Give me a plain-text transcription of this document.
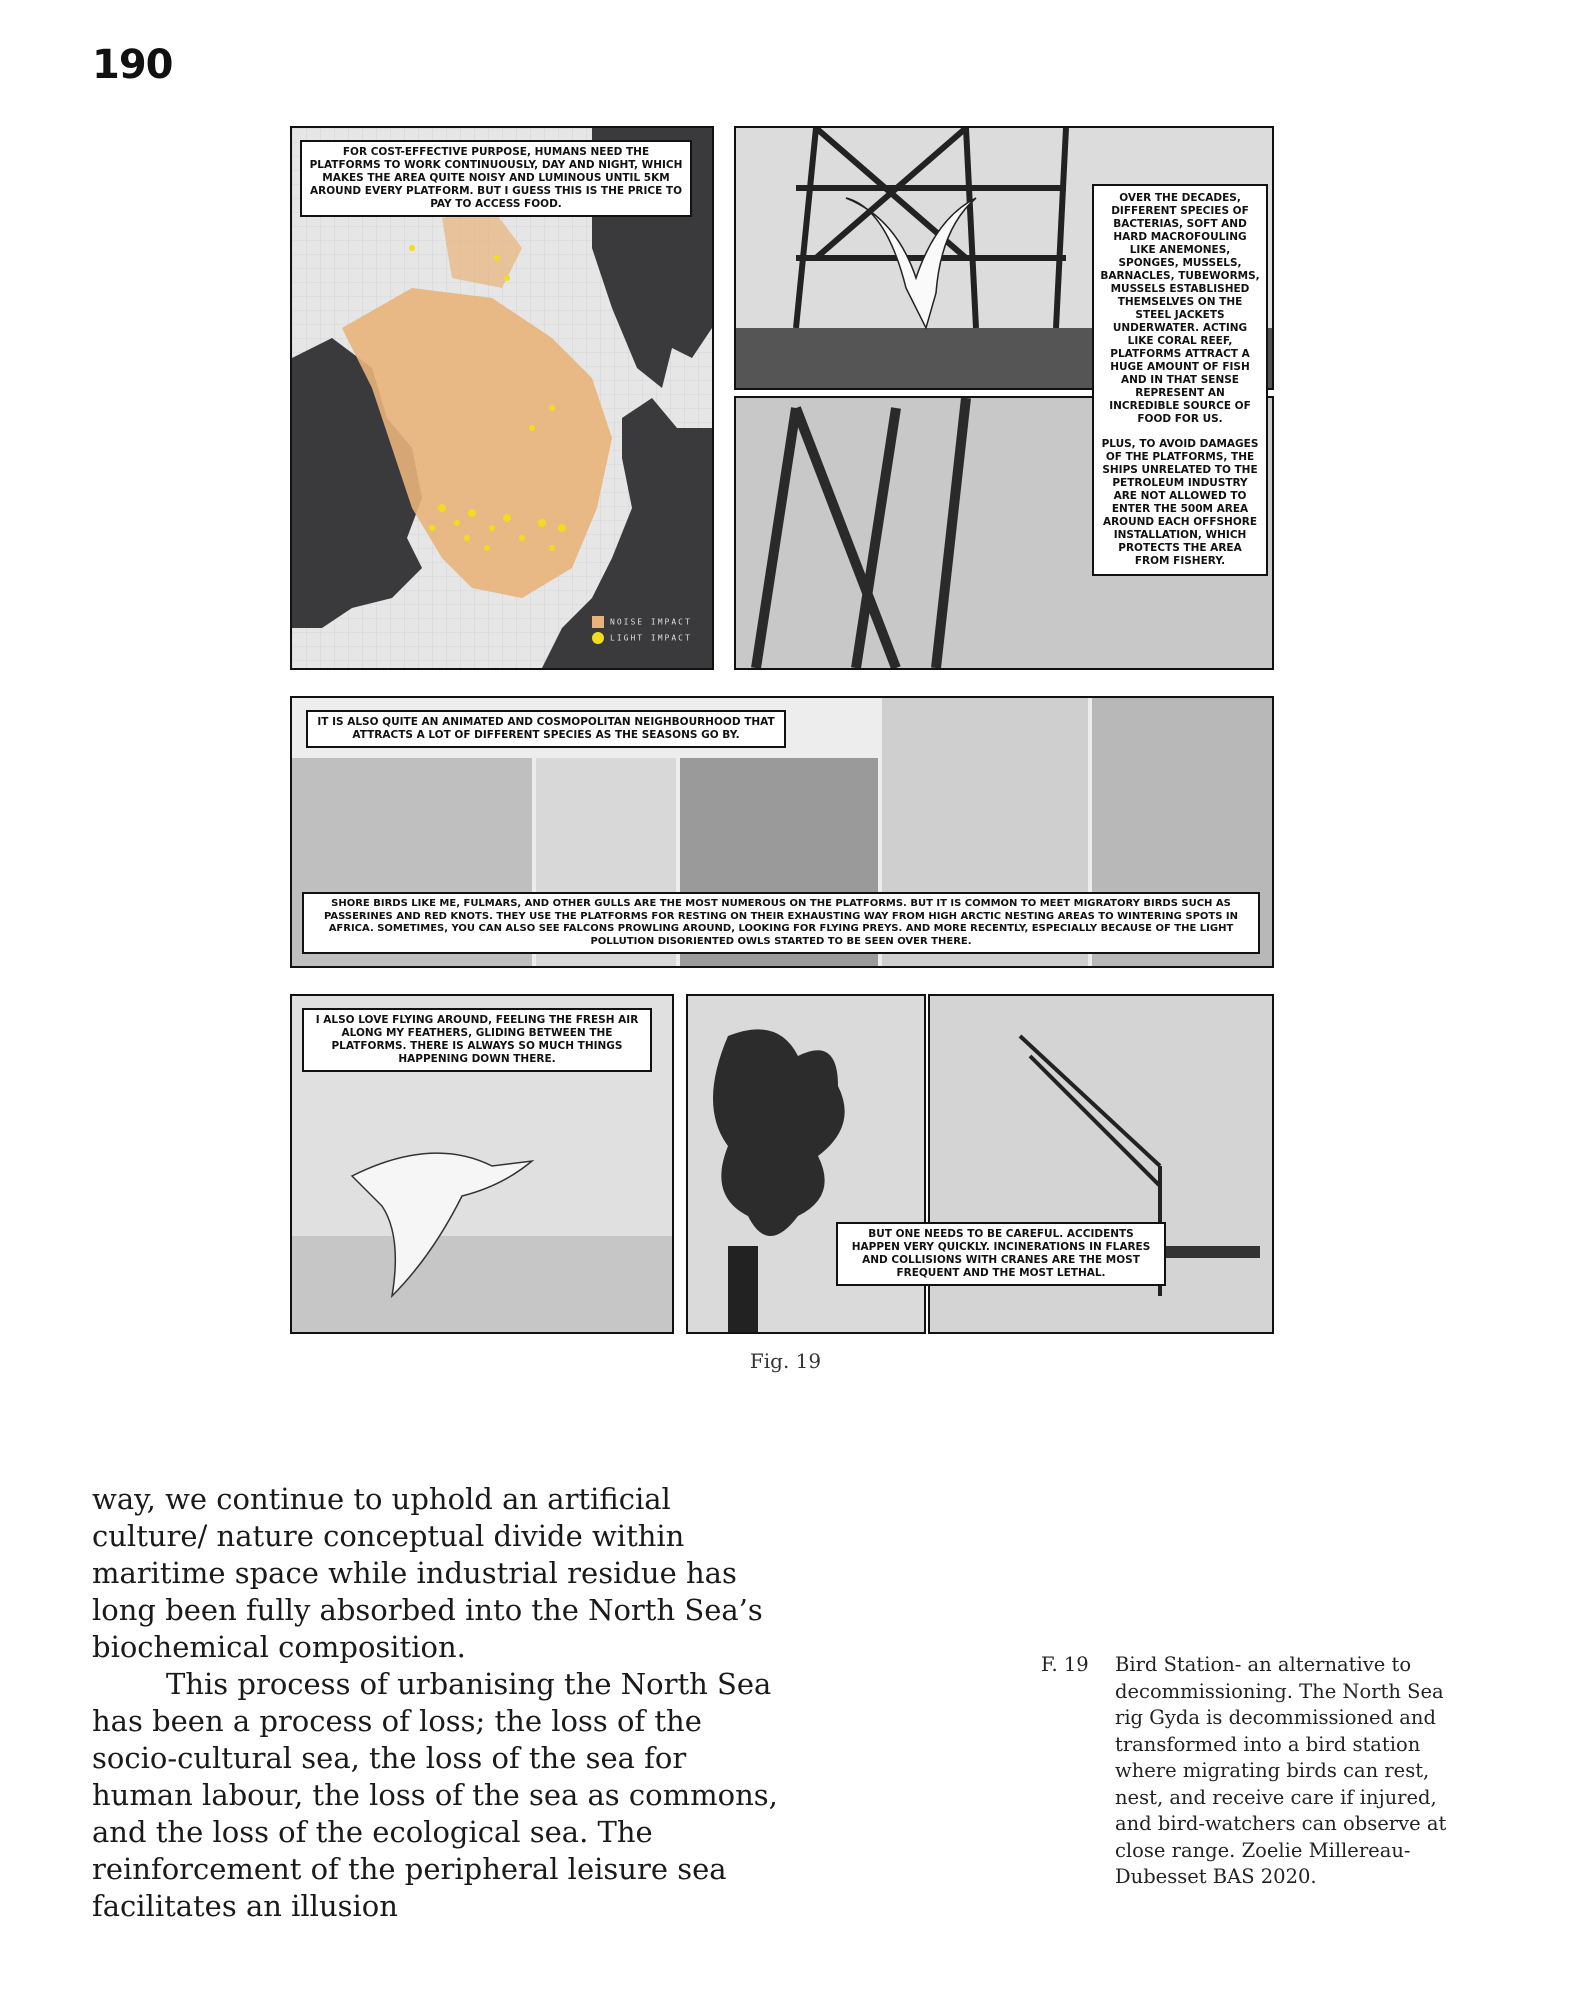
190
FOR COST-EFFECTIVE PURPOSE, HUMANS NEED THE PLATFORMS TO WORK CONTINUOUSLY, DAY AND NIGHT, WHICH MAKES THE AREA QUITE NOISY AND LUMINOUS UNTIL 5KM AROUND EVERY PLATFORM. BUT I GUESS THIS IS THE PRICE TO PAY TO ACCESS FOOD.
NOISE IMPACT
LIGHT IMPACT
OVER THE DECADES, DIFFERENT SPECIES OF BACTERIAS, SOFT AND HARD MACROFOULING LIKE ANEMONES, SPONGES, MUSSELS, BARNACLES, TUBEWORMS, MUSSELS ESTABLISHED THEMSELVES ON THE STEEL JACKETS UNDERWATER. ACTING LIKE CORAL REEF, PLATFORMS ATTRACT A HUGE AMOUNT OF FISH AND IN THAT SENSE REPRESENT AN INCREDIBLE SOURCE OF FOOD FOR US.
PLUS, TO AVOID DAMAGES OF THE PLATFORMS, THE SHIPS UNRELATED TO THE PETROLEUM INDUSTRY ARE NOT ALLOWED TO ENTER THE 500M AREA AROUND EACH OFFSHORE INSTALLATION, WHICH PROTECTS THE AREA FROM FISHERY.
IT IS ALSO QUITE AN ANIMATED AND COSMOPOLITAN NEIGHBOURHOOD THAT ATTRACTS A LOT OF DIFFERENT SPECIES AS THE SEASONS GO BY.
SHORE BIRDS LIKE ME, FULMARS, AND OTHER GULLS ARE THE MOST NUMEROUS ON THE PLATFORMS. BUT IT IS COMMON TO MEET MIGRATORY BIRDS SUCH AS PASSERINES AND RED KNOTS. THEY USE THE PLATFORMS FOR RESTING ON THEIR EXHAUSTING WAY FROM HIGH ARCTIC NESTING AREAS TO WINTERING SPOTS IN AFRICA. SOMETIMES, YOU CAN ALSO SEE FALCONS PROWLING AROUND, LOOKING FOR FLYING PREYS. AND MORE RECENTLY, ESPECIALLY BECAUSE OF THE LIGHT POLLUTION DISORIENTED OWLS STARTED TO BE SEEN OVER THERE.
I ALSO LOVE FLYING AROUND, FEELING THE FRESH AIR ALONG MY FEATHERS, GLIDING BETWEEN THE PLATFORMS. THERE IS ALWAYS SO MUCH THINGS HAPPENING DOWN THERE.
BUT ONE NEEDS TO BE CAREFUL. ACCIDENTS HAPPEN VERY QUICKLY. INCINERATIONS IN FLARES AND COLLISIONS WITH CRANES ARE THE MOST FREQUENT AND THE MOST LETHAL.
Fig. 19

way, we continue to uphold an artificial culture/ nature conceptual divide within maritime space while industrial residue has long been fully absorbed into the North Sea’s biochemical composition.

This process of urbanising the North Sea has been a process of loss; the loss of the socio-cultural sea, the loss of the sea for human labour, the loss of the sea as commons, and the loss of the ecological sea. The reinforcement of the peripheral leisure sea facilitates an illusion

F. 19 Bird Station- an alternative to decommissioning. The North Sea rig Gyda is decommissioned and transformed into a bird station where migrating birds can rest, nest, and receive care if injured, and bird-watchers can observe at close range. Zoelie Millereau-Dubesset BAS 2020.
